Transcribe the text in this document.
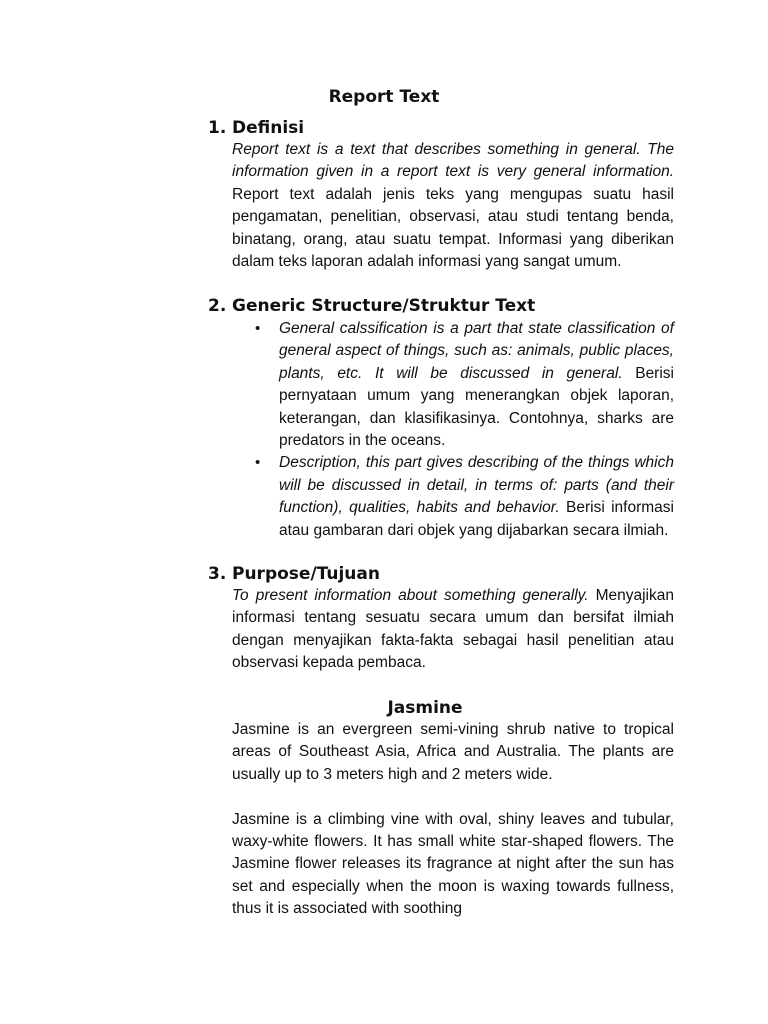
Report Text
1. Definisi
Report text is a text that describes something in general. The information given in a report text is very general information. Report text adalah jenis teks yang mengupas suatu hasil pengamatan, penelitian, observasi, atau studi tentang benda, binatang, orang, atau suatu tempat. Informasi yang diberikan dalam teks laporan adalah informasi yang sangat umum.
2. Generic Structure/Struktur Text
• General calssification is a part that state classification of general aspect of things, such as: animals, public places, plants, etc. It will be discussed in general. Berisi pernyataan umum yang menerangkan objek laporan, keterangan, dan klasifikasinya. Contohnya, sharks are predators in the oceans.
• Description, this part gives describing of the things which will be discussed in detail, in terms of: parts (and their function), qualities, habits and behavior. Berisi informasi atau gambaran dari objek yang dijabarkan secara ilmiah.
3. Purpose/Tujuan
To present information about something generally. Menyajikan informasi tentang sesuatu secara umum dan bersifat ilmiah dengan menyajikan fakta-fakta sebagai hasil penelitian atau observasi kepada pembaca.
Jasmine
Jasmine is an evergreen semi-vining shrub native to tropical areas of Southeast Asia, Africa and Australia. The plants are usually up to 3 meters high and 2 meters wide.
Jasmine is a climbing vine with oval, shiny leaves and tubular, waxy-white flowers. It has small white star-shaped flowers. The Jasmine flower releases its fragrance at night after the sun has set and especially when the moon is waxing towards fullness, thus it is associated with soothing
